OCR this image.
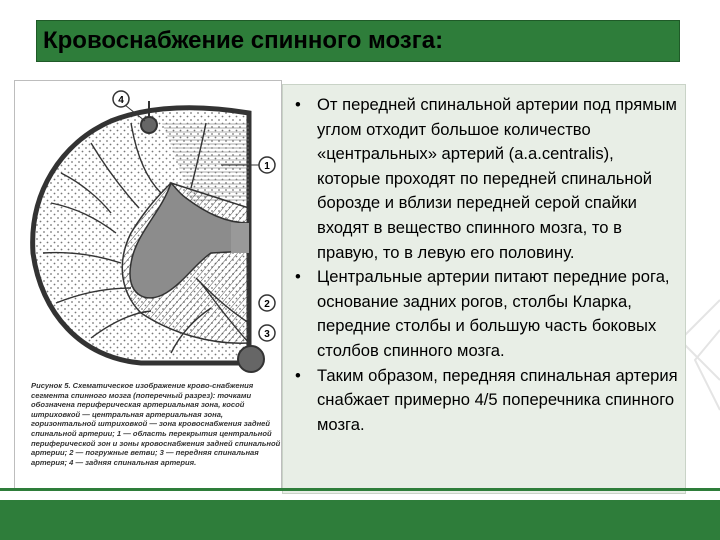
Кровоснабжение спинного мозга:
4
1
2
3
Рисунок 5. Схематическое изображение крово-снабжения сегмента спинного мозга (поперечный разрез): точками обозначена периферическая артериальная зона, косой штриховкой — центральная артериальная зона, горизонтальной штриховкой — зона кровоснабжения задней спинальной артерии; 1 — область перекрытия центральной периферической зон и зоны кровоснабжения задней спинальной артерии; 2 — погружные ветви; 3 — передняя спинальная артерия; 4 — задняя спинальная артерия.
• От передней спинальной артерии под прямым углом отходит большое количество «центральных» артерий (a.a.centralis), которые проходят по передней спинальной борозде и вблизи передней серой спайки входят в вещество спинного мозга, то в правую, то в левую его половину.
• Центральные артерии питают передние рога, основание задних рогов, столбы Кларка, передние столбы и большую часть боковых столбов спинного мозга.
• Таким образом, передняя спинальная артерия снабжает примерно 4/5 поперечника спинного мозга.
